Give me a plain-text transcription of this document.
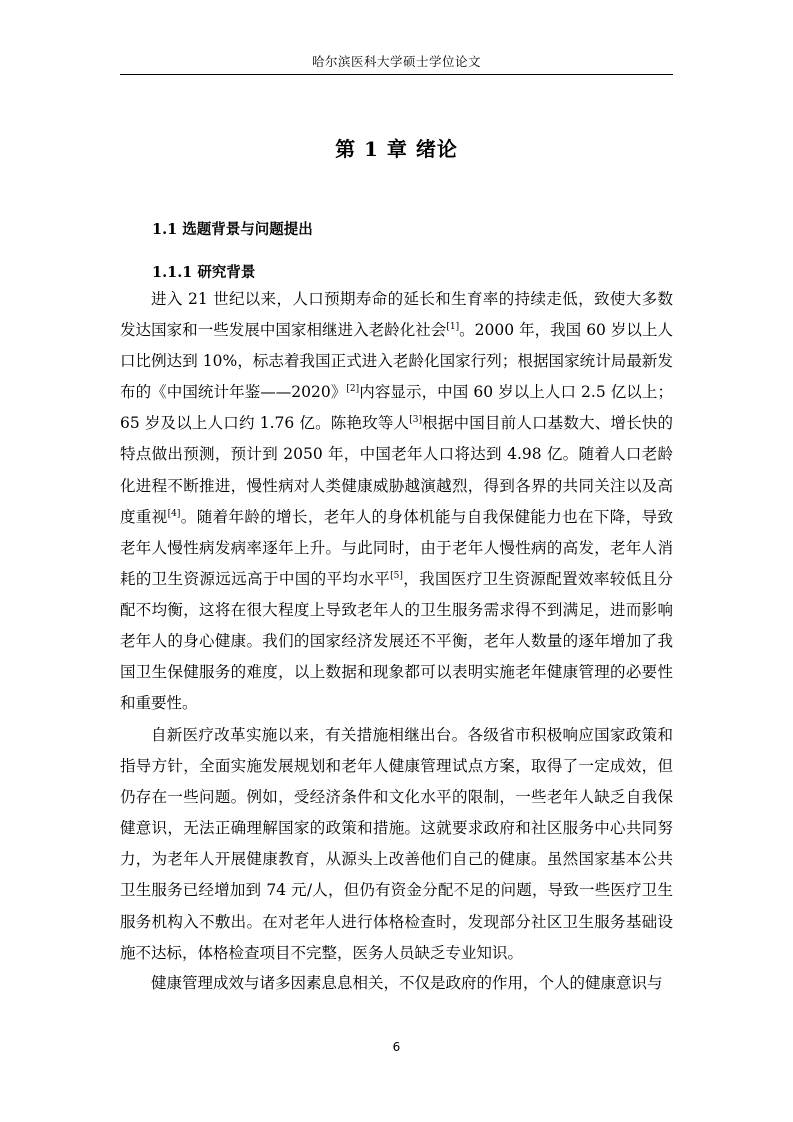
哈尔滨医科大学硕士学位论文
第 1 章 绪论
1.1 选题背景与问题提出
1.1.1 研究背景

进入 21 世纪以来，人口预期寿命的延长和生育率的持续走低，致使大多数发达国家和一些发展中国家相继进入老龄化社会[1]。2000 年，我国 60 岁以上人口比例达到 10%，标志着我国正式进入老龄化国家行列；根据国家统计局最新发布的《中国统计年鉴——2020》[2]内容显示，中国 60 岁以上人口 2.5 亿以上；65 岁及以上人口约 1.76 亿。陈艳玫等人[3]根据中国目前人口基数大、增长快的特点做出预测，预计到 2050 年，中国老年人口将达到 4.98 亿。随着人口老龄化进程不断推进，慢性病对人类健康威胁越演越烈，得到各界的共同关注以及高度重视[4]。随着年龄的增长，老年人的身体机能与自我保健能力也在下降，导致老年人慢性病发病率逐年上升。与此同时，由于老年人慢性病的高发，老年人消耗的卫生资源远远高于中国的平均水平[5]，我国医疗卫生资源配置效率较低且分配不均衡，这将在很大程度上导致老年人的卫生服务需求得不到满足，进而影响老年人的身心健康。我们的国家经济发展还不平衡，老年人数量的逐年增加了我国卫生保健服务的难度，以上数据和现象都可以表明实施老年健康管理的必要性和重要性。

自新医疗改革实施以来，有关措施相继出台。各级省市积极响应国家政策和指导方针，全面实施发展规划和老年人健康管理试点方案，取得了一定成效，但仍存在一些问题。例如，受经济条件和文化水平的限制，一些老年人缺乏自我保健意识，无法正确理解国家的政策和措施。这就要求政府和社区服务中心共同努力，为老年人开展健康教育，从源头上改善他们自己的健康。虽然国家基本公共卫生服务已经增加到 74 元/人，但仍有资金分配不足的问题，导致一些医疗卫生服务机构入不敷出。在对老年人进行体格检查时，发现部分社区卫生服务基础设施不达标，体格检查项目不完整，医务人员缺乏专业知识。

健康管理成效与诸多因素息息相关，不仅是政府的作用，个人的健康意识与

6
